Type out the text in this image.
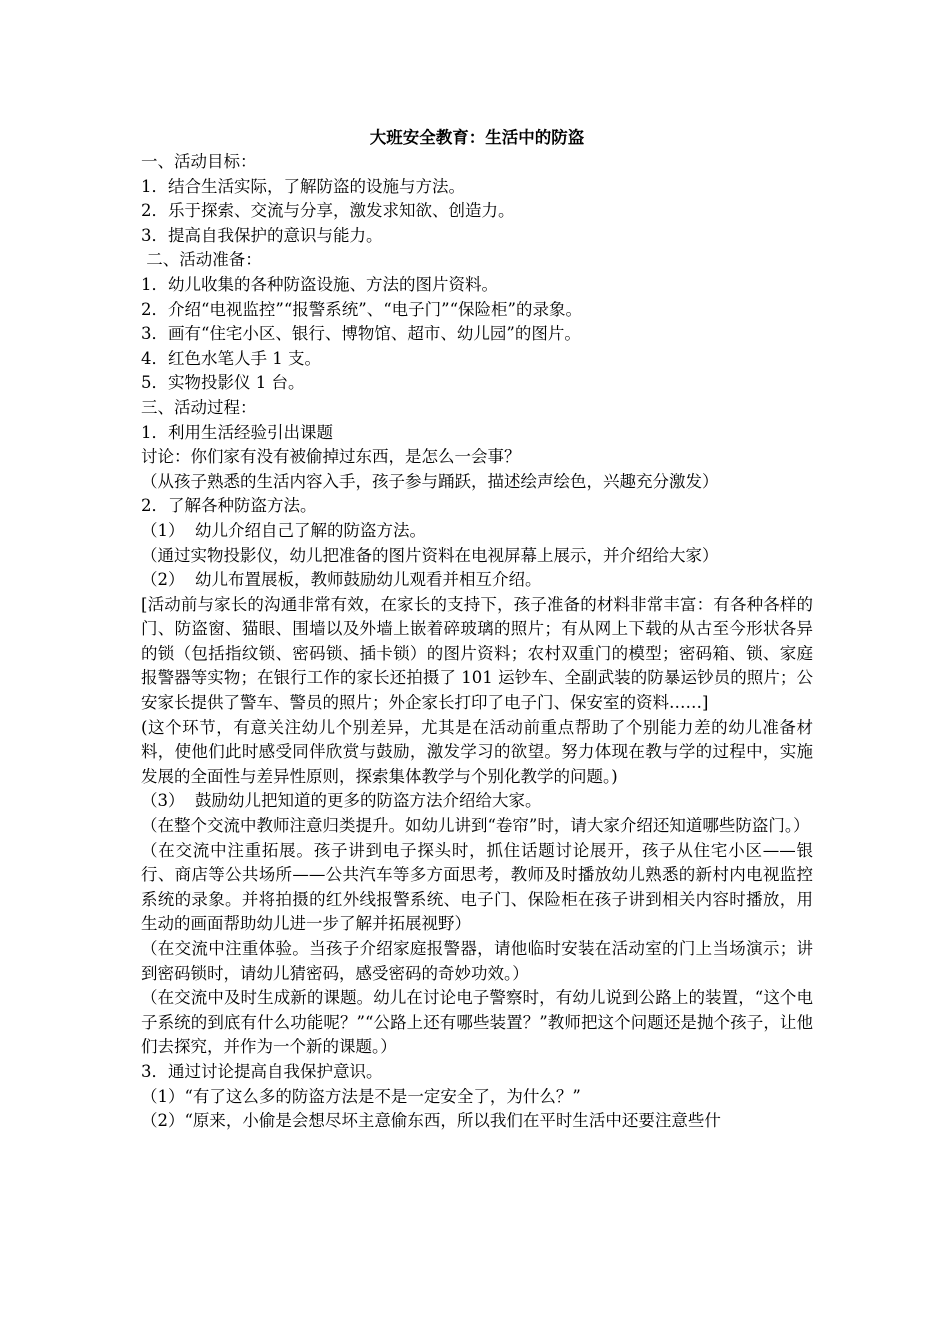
大班安全教育：生活中的防盗

一、活动目标：

1．结合生活实际，了解防盗的设施与方法。

2．乐于探索、交流与分享，激发求知欲、创造力。

3．提高自我保护的意识与能力。

二、活动准备：

1．幼儿收集的各种防盗设施、方法的图片资料。

2．介绍“电视监控”“报警系统”、“电子门”“保险柜”的录象。

3．画有“住宅小区、银行、博物馆、超市、幼儿园”的图片。

4．红色水笔人手 1 支。

5．实物投影仪 1 台。

三、活动过程：

1．利用生活经验引出课题

讨论：你们家有没有被偷掉过东西，是怎么一会事？

（从孩子熟悉的生活内容入手，孩子参与踊跃，描述绘声绘色，兴趣充分激发）

2．了解各种防盗方法。

（1）  幼儿介绍自己了解的防盗方法。

（通过实物投影仪，幼儿把准备的图片资料在电视屏幕上展示，并介绍给大家）

（2）  幼儿布置展板，教师鼓励幼儿观看并相互介绍。

[活动前与家长的沟通非常有效，在家长的支持下，孩子准备的材料非常丰富：有各种各样的门、防盗窗、猫眼、围墙以及外墙上嵌着碎玻璃的照片；有从网上下载的从古至今形状各异的锁（包括指纹锁、密码锁、插卡锁）的图片资料；农村双重门的模型；密码箱、锁、家庭报警器等实物；在银行工作的家长还拍摄了 101 运钞车、全副武装的防暴运钞员的照片；公安家长提供了警车、警员的照片；外企家长打印了电子门、保安室的资料……]

(这个环节，有意关注幼儿个别差异，尤其是在活动前重点帮助了个别能力差的幼儿准备材料，使他们此时感受同伴欣赏与鼓励，激发学习的欲望。努力体现在教与学的过程中，实施发展的全面性与差异性原则，探索集体教学与个别化教学的问题。)

（3）  鼓励幼儿把知道的更多的防盗方法介绍给大家。

（在整个交流中教师注意归类提升。如幼儿讲到“卷帘”时，请大家介绍还知道哪些防盗门。）

（在交流中注重拓展。孩子讲到电子探头时，抓住话题讨论展开，孩子从住宅小区——银行、商店等公共场所——公共汽车等多方面思考，教师及时播放幼儿熟悉的新村内电视监控系统的录象。并将拍摄的红外线报警系统、电子门、保险柜在孩子讲到相关内容时播放，用生动的画面帮助幼儿进一步了解并拓展视野）

（在交流中注重体验。当孩子介绍家庭报警器，请他临时安装在活动室的门上当场演示；讲到密码锁时，请幼儿猜密码，感受密码的奇妙功效。）

（在交流中及时生成新的课题。幼儿在讨论电子警察时，有幼儿说到公路上的装置，“这个电子系统的到底有什么功能呢？”“公路上还有哪些装置？”教师把这个问题还是抛个孩子，让他们去探究，并作为一个新的课题。）

3．通过讨论提高自我保护意识。

（1）“有了这么多的防盗方法是不是一定安全了，为什么？”

（2）“原来，小偷是会想尽坏主意偷东西，所以我们在平时生活中还要注意些什
